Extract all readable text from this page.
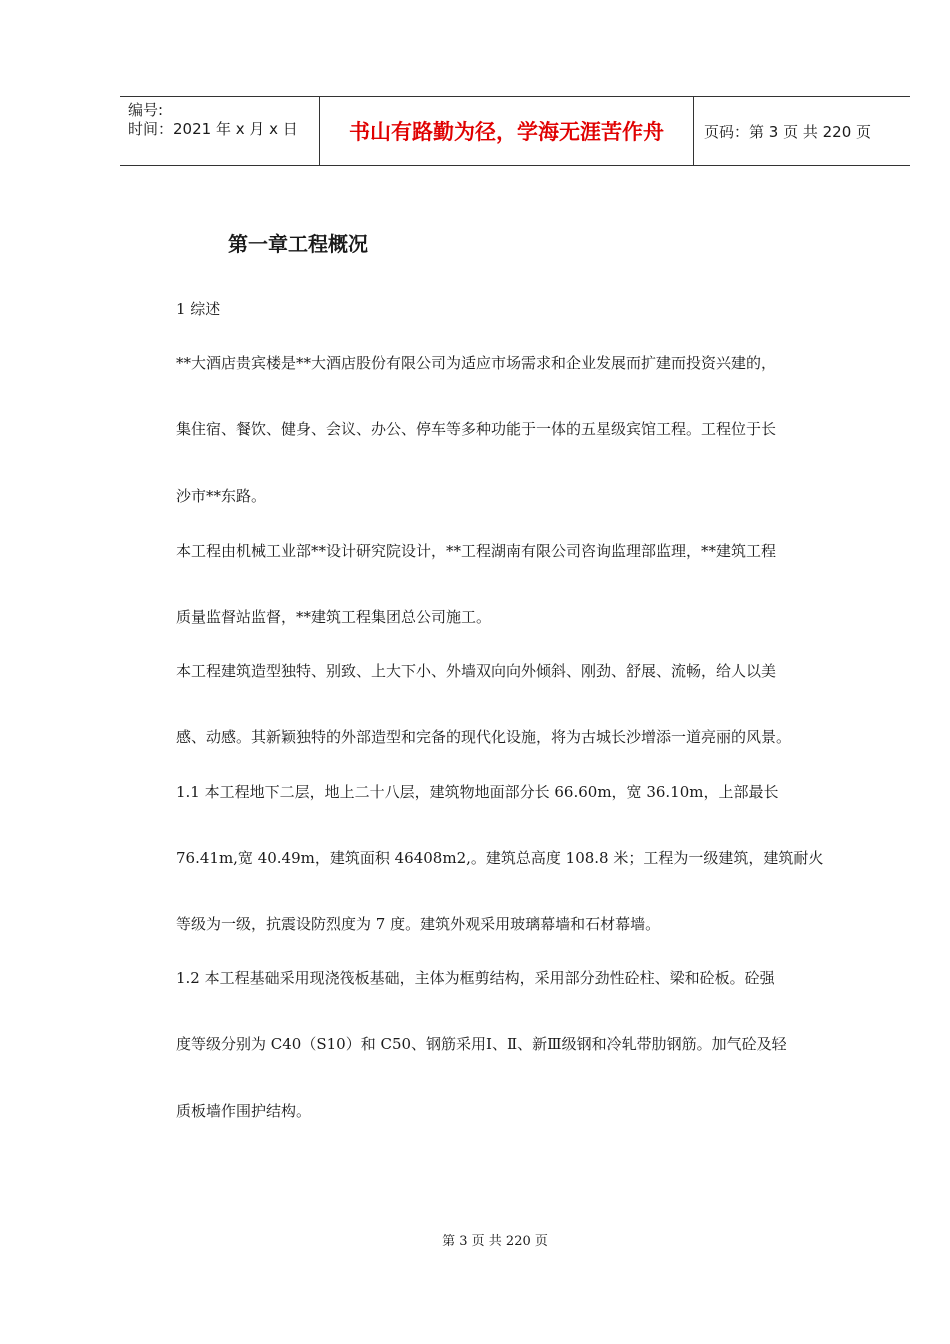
编号:
时间：2021 年 x 月 x 日	书山有路勤为径，学海无涯苦作舟	页码：第 3 页 共 220 页
第一章工程概况
1 综述
**大酒店贵宾楼是**大酒店股份有限公司为适应市场需求和企业发展而扩建而投资兴建的，
集住宿、餐饮、健身、会议、办公、停车等多种功能于一体的五星级宾馆工程。工程位于长
沙市**东路。
本工程由机械工业部**设计研究院设计，**工程湖南有限公司咨询监理部监理，**建筑工程
质量监督站监督，**建筑工程集团总公司施工。
本工程建筑造型独特、别致、上大下小、外墙双向向外倾斜、刚劲、舒展、流畅，给人以美
感、动感。其新颖独特的外部造型和完备的现代化设施，将为古城长沙增添一道亮丽的风景。
1.1 本工程地下二层，地上二十八层，建筑物地面部分长 66.60m，宽 36.10m，上部最长
76.41m,宽 40.49m，建筑面积 46408m2,。建筑总高度 108.8 米；工程为一级建筑，建筑耐火
等级为一级，抗震设防烈度为 7 度。建筑外观采用玻璃幕墙和石材幕墙。
1.2 本工程基础采用现浇筏板基础，主体为框剪结构，采用部分劲性砼柱、梁和砼板。砼强
度等级分别为 C40（S10）和 C50、钢筋采用Ⅰ、Ⅱ、新Ⅲ级钢和冷轧带肋钢筋。加气砼及轻
质板墙作围护结构。
第 3 页 共 220 页
